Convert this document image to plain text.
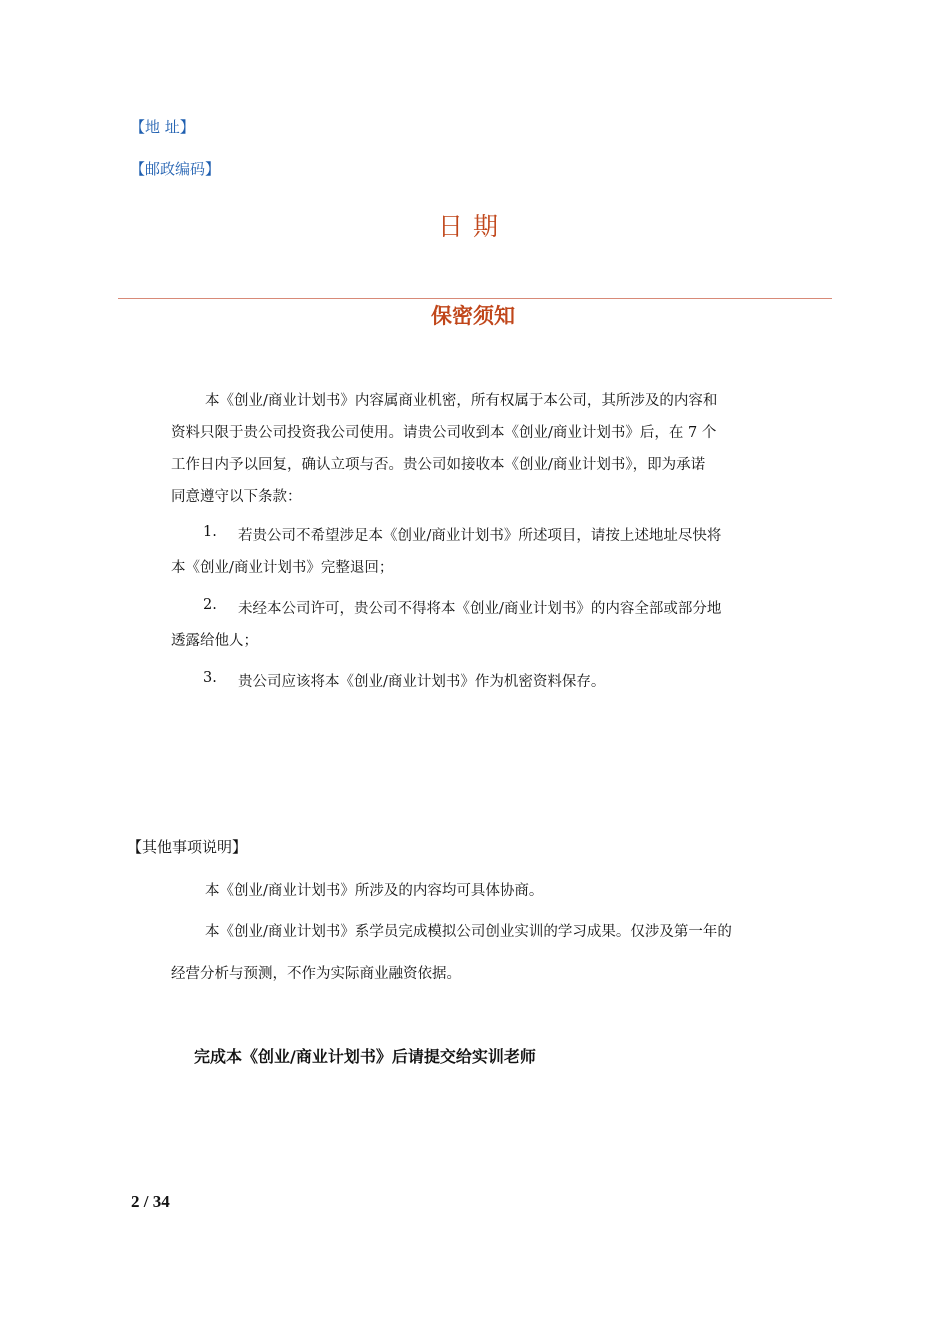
【地 址】
【邮政编码】
日 期
保密须知
本《创业/商业计划书》内容属商业机密，所有权属于本公司，其所涉及的内容和
资料只限于贵公司投资我公司使用。请贵公司收到本《创业/商业计划书》后，在 7 个
工作日内予以回复，确认立项与否。贵公司如接收本《创业/商业计划书》，即为承诺
同意遵守以下条款：
1. 若贵公司不希望涉足本《创业/商业计划书》所述项目，请按上述地址尽快将
本《创业/商业计划书》完整退回；
2. 未经本公司许可，贵公司不得将本《创业/商业计划书》的内容全部或部分地
透露给他人；
3. 贵公司应该将本《创业/商业计划书》作为机密资料保存。
【其他事项说明】
本《创业/商业计划书》所涉及的内容均可具体协商。
本《创业/商业计划书》系学员完成模拟公司创业实训的学习成果。仅涉及第一年的
经营分析与预测，不作为实际商业融资依据。
完成本《创业/商业计划书》后请提交给实训老师
2 / 34
